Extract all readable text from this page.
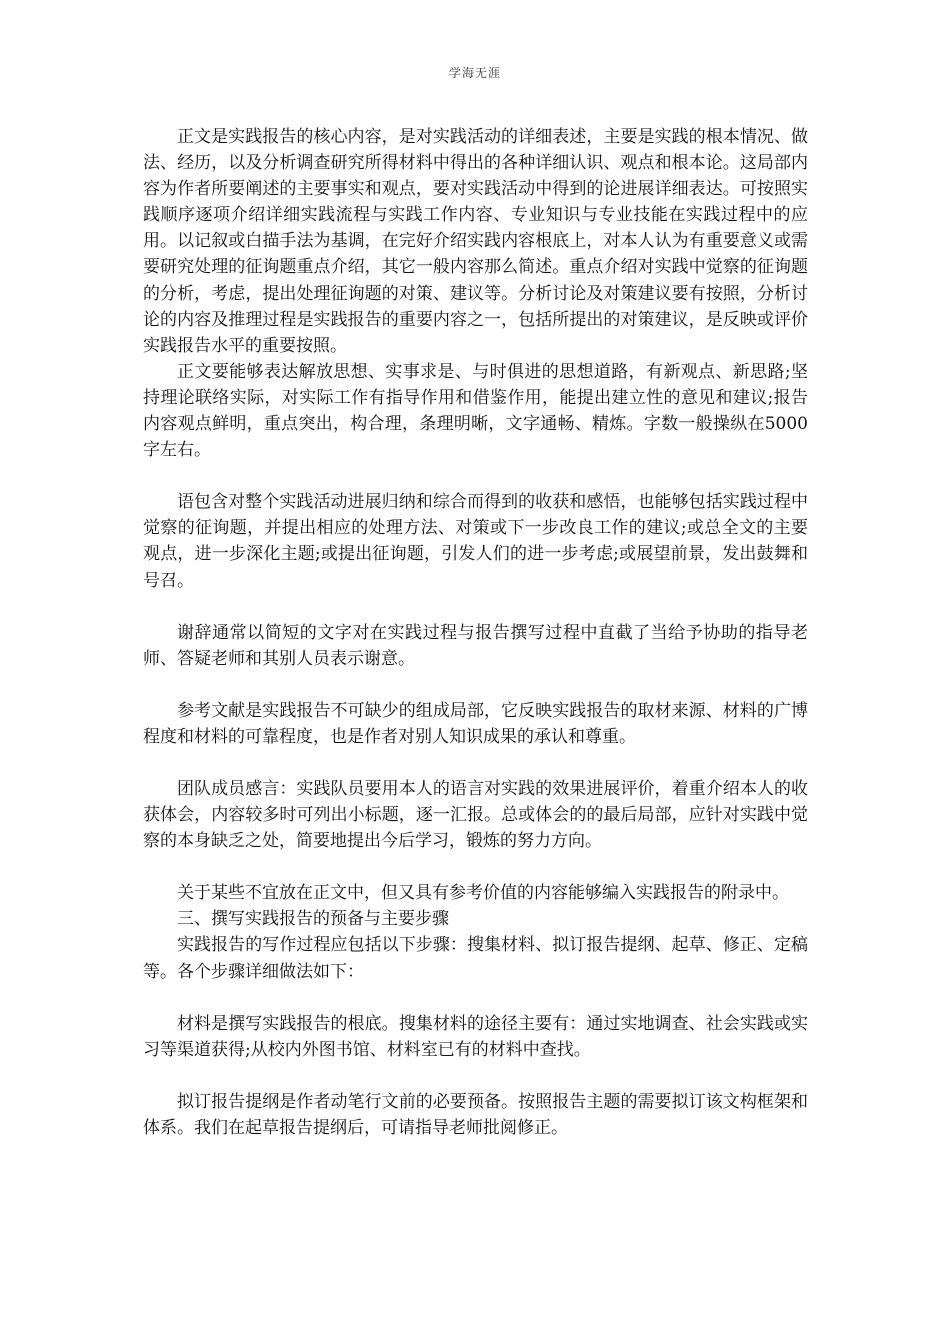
学海无涯

正文是实践报告的核心内容，是对实践活动的详细表述，主要是实践的根本情况、做法、经历，以及分析调查研究所得材料中得出的各种详细认识、观点和根本论。这局部内容为作者所要阐述的主要事实和观点，要对实践活动中得到的论进展详细表达。可按照实践顺序逐项介绍详细实践流程与实践工作内容、专业知识与专业技能在实践过程中的应用。以记叙或白描手法为基调，在完好介绍实践内容根底上，对本人认为有重要意义或需要研究处理的征询题重点介绍，其它一般内容那么简述。重点介绍对实践中觉察的征询题的分析，考虑，提出处理征询题的对策、建议等。分析讨论及对策建议要有按照，分析讨论的内容及推理过程是实践报告的重要内容之一，包括所提出的对策建议，是反映或评价实践报告水平的重要按照。

正文要能够表达解放思想、实事求是、与时俱进的思想道路，有新观点、新思路;坚持理论联络实际，对实际工作有指导作用和借鉴作用，能提出建立性的意见和建议;报告内容观点鲜明，重点突出，构合理，条理明晰，文字通畅、精炼。字数一般操纵在5000字左右。

语包含对整个实践活动进展归纳和综合而得到的收获和感悟，也能够包括实践过程中觉察的征询题，并提出相应的处理方法、对策或下一步改良工作的建议;或总全文的主要观点，进一步深化主题;或提出征询题，引发人们的进一步考虑;或展望前景，发出鼓舞和号召。

谢辞通常以简短的文字对在实践过程与报告撰写过程中直截了当给予协助的指导老师、答疑老师和其别人员表示谢意。

参考文献是实践报告不可缺少的组成局部，它反映实践报告的取材来源、材料的广博程度和材料的可靠程度，也是作者对别人知识成果的承认和尊重。

团队成员感言：实践队员要用本人的语言对实践的效果进展评价，着重介绍本人的收获体会，内容较多时可列出小标题，逐一汇报。总或体会的的最后局部，应针对实践中觉察的本身缺乏之处，简要地提出今后学习，锻炼的努力方向。

关于某些不宜放在正文中，但又具有参考价值的内容能够编入实践报告的附录中。

三、撰写实践报告的预备与主要步骤

实践报告的写作过程应包括以下步骤：搜集材料、拟订报告提纲、起草、修正、定稿等。各个步骤详细做法如下：

材料是撰写实践报告的根底。搜集材料的途径主要有：通过实地调查、社会实践或实习等渠道获得;从校内外图书馆、材料室已有的材料中查找。

拟订报告提纲是作者动笔行文前的必要预备。按照报告主题的需要拟订该文构框架和体系。我们在起草报告提纲后，可请指导老师批阅修正。
